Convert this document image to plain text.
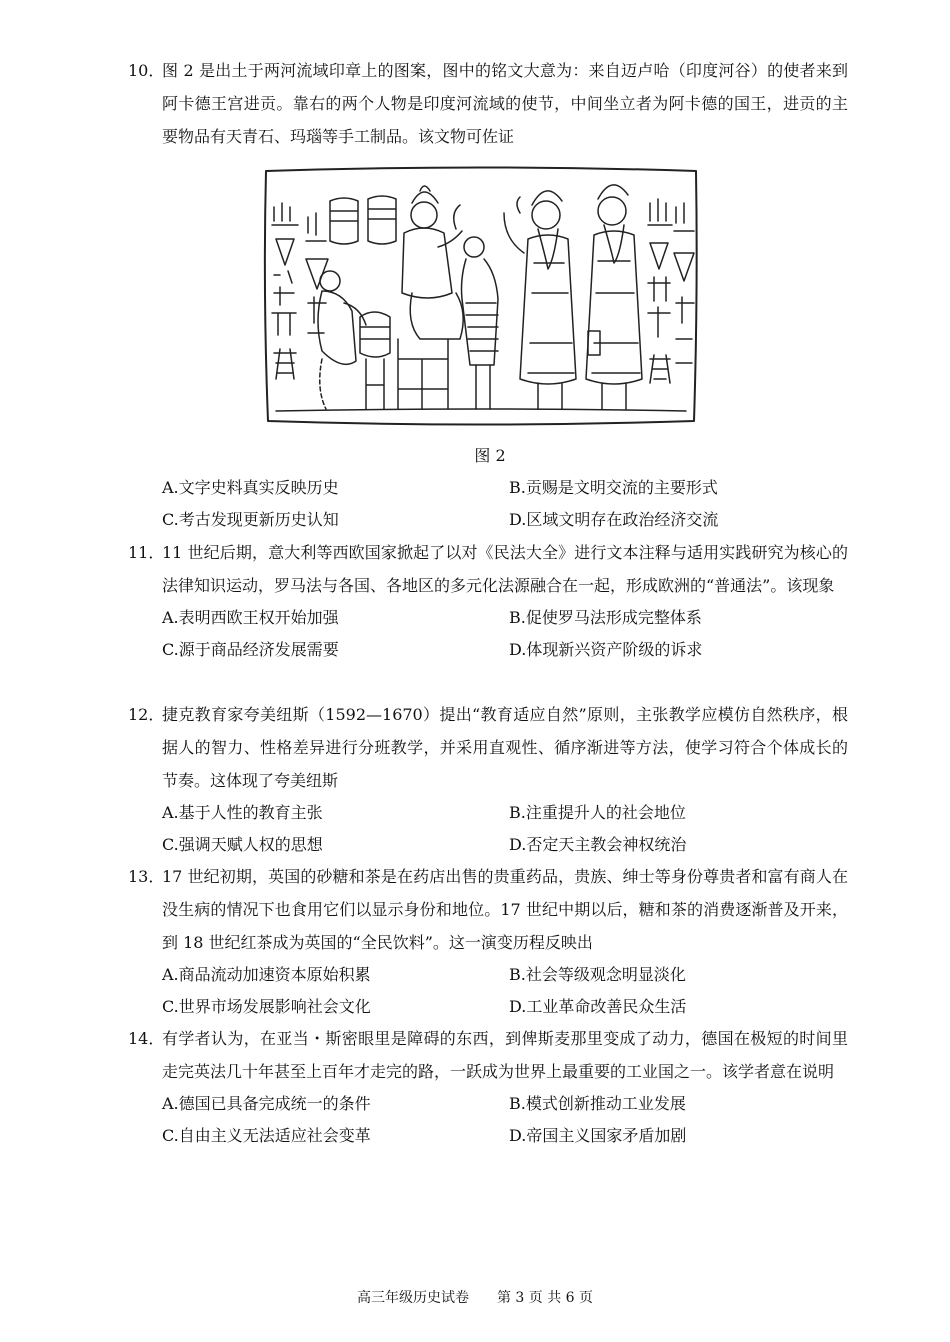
10．
图 2 是出土于两河流域印章上的图案，图中的铭文大意为：来自迈卢哈（印度河谷）的使者来到阿卡德王宫进贡。靠右的两个人物是印度河流域的使节，中间坐立者为阿卡德的国王，进贡的主要物品有天青石、玛瑙等手工制品。该文物可佐证
图 2
A.文字史料真实反映历史	B.贡赐是文明交流的主要形式
C.考古发现更新历史认知	D.区域文明存在政治经济交流
11．
11 世纪后期，意大利等西欧国家掀起了以对《民法大全》进行文本注释与适用实践研究为核心的法律知识运动，罗马法与各国、各地区的多元化法源融合在一起，形成欧洲的“普通法”。该现象
A.表明西欧王权开始加强	B.促使罗马法形成完整体系
C.源于商品经济发展需要	D.体现新兴资产阶级的诉求
12．
捷克教育家夸美纽斯（1592—1670）提出“教育适应自然”原则，主张教学应模仿自然秩序，根据人的智力、性格差异进行分班教学，并采用直观性、循序渐进等方法，使学习符合个体成长的节奏。这体现了夸美纽斯
A.基于人性的教育主张	B.注重提升人的社会地位
C.强调天赋人权的思想	D.否定天主教会神权统治
13．
17 世纪初期，英国的砂糖和茶是在药店出售的贵重药品，贵族、绅士等身份尊贵者和富有商人在没生病的情况下也食用它们以显示身份和地位。17 世纪中期以后，糖和茶的消费逐渐普及开来，到 18 世纪红茶成为英国的“全民饮料”。这一演变历程反映出
A.商品流动加速资本原始积累	B.社会等级观念明显淡化
C.世界市场发展影响社会文化	D.工业革命改善民众生活
14．
有学者认为，在亚当・斯密眼里是障碍的东西，到俾斯麦那里变成了动力，德国在极短的时间里走完英法几十年甚至上百年才走完的路，一跃成为世界上最重要的工业国之一。该学者意在说明
A.德国已具备完成统一的条件	B.模式创新推动工业发展
C.自由主义无法适应社会变革	D.帝国主义国家矛盾加剧
高三年级历史试卷　　第 3 页 共 6 页
